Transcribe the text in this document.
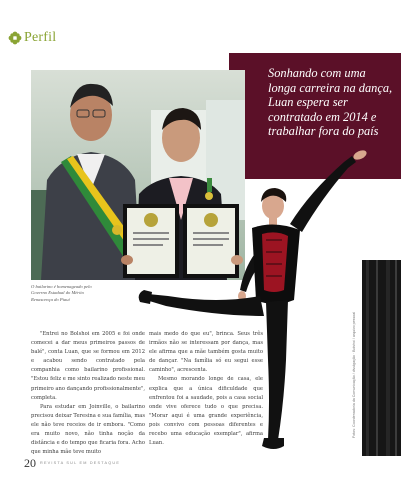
Perfil
Sonhando com uma longa carreira na dança, Luan espera ser contratado em 2014 e trabalhar fora do país
O bailarino é homenageado pelo Governo Estadual do Mérito Renascença do Piauí
Fotos: Coordenadoria da Comunicação / divulgação · Bolshoi / arquivo pessoal

"Entrei no Bolshoi em 2005 e foi onde comecei a dar meus primeiros passos de balé", conta Luan, que se formou em 2012 e acabou sendo contratado pela companhia como bailarino profissional. "Estou feliz e me sinto realizado neste meu primeiro ano dançando profissionalmente", completa.

Para estudar em Joinville, o bailarino precisou deixar Teresina e sua família, mas ele não teve receios de ir embora. "Como era muito novo, não tinha noção da distância e do tempo que ficaria fora. Acho que minha mãe teve muito

mais medo do que eu", brinca. Seus três irmãos não se interessam por dança, mas ele afirma que a mãe também gosta muito de dançar. "Na família só eu segui esse caminho", acrescenta.

Mesmo morando longe de casa, ele explica que a única dificuldade que enfrentou foi a saudade, pois a casa social onde vive oferece tudo o que precisa. "Morar aqui é uma grande experiência, pois convivo com pessoas diferentes e recebo uma educação exemplar", afirma Luan.

20 REVISTA SUL EM DESTAQUE
